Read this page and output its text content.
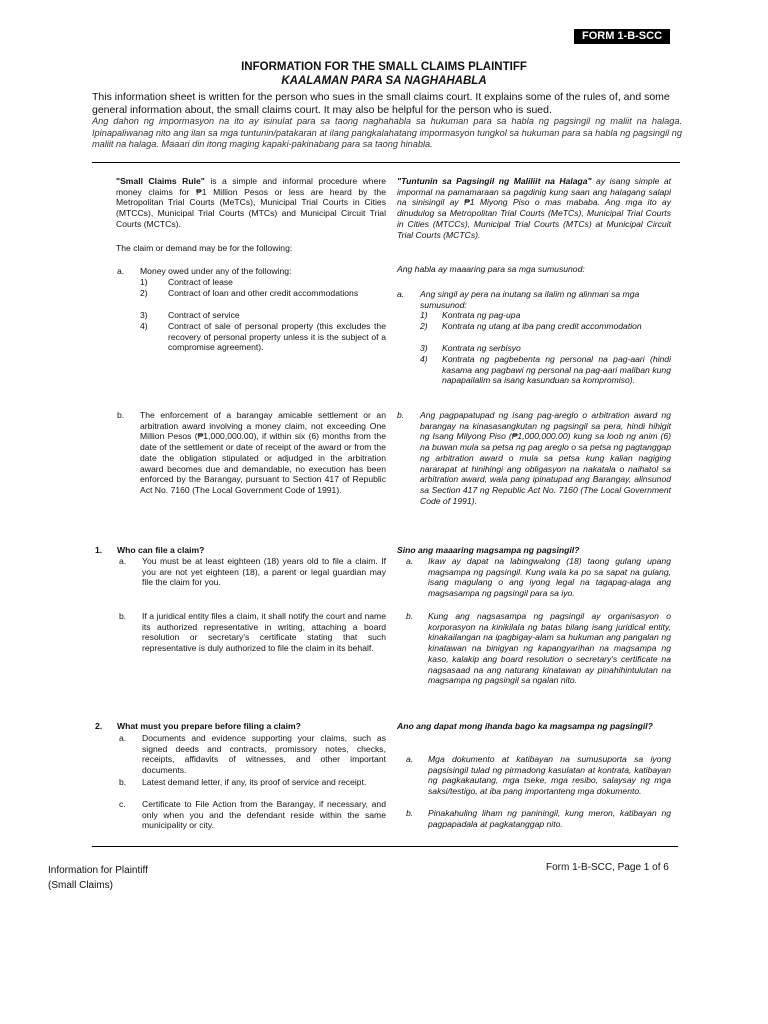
FORM 1-B-SCC
INFORMATION FOR THE SMALL CLAIMS PLAINTIFF
KAALAMAN PARA SA NAGHAHABLA
This information sheet is written for the person who sues in the small claims court. It explains some of the rules of, and some general information about, the small claims court. It may also be helpful for the person who is sued.
Ang dahon ng impormasyon na ito ay isinulat para sa taong naghahabla sa hukuman para sa habla ng pagsingil ng maliit na halaga. Ipinapaliwanag nito ang ilan sa mga tuntunin/patakaran at ilang pangkalahatang impormasyon tungkol sa hukuman para sa habla ng pagsingil ng maliit na halaga. Maaari din itong maging kapaki-pakinabang para sa taong hinabla.
"Small Claims Rule" is a simple and informal procedure where money claims for ₱1 Million Pesos or less are heard by the Metropolitan Trial Courts (MeTCs), Municipal Trial Courts in Cities (MTCCs), Municipal Trial Courts (MTCs) and Municipal Circuit Trial Courts (MCTCs).
"Tuntunin sa Pagsingil ng Maliliit na Halaga" ay isang simple at impormal na pamamaraan sa pagdinig kung saan ang halagang salapi na sinisingil ay ₱1 Miyong Piso o mas mababa. Ang mga ito ay dinudulog sa Metropolitan Trial Courts (MeTCs), Municipal Trial Courts in Cities (MTCCs), Municipal Trial Courts (MTCs) at Municipal Circuit Trial Courts (MCTCs).
The claim or demand may be for the following:
Ang habla ay maaaring para sa mga sumusunod:
a. Money owed under any of the following:
1) Contract of lease
2) Contract of loan and other credit accommodations
3) Contract of service
4) Contract of sale of personal property (this excludes the recovery of personal property unless it is the subject of a compromise agreement).
a. Ang singil ay pera na inutang sa ilalim ng alinman sa mga sumusunod:
1) Kontrata ng pag-upa
2) Kontrata ng utang at iba pang credit accommodation
3) Kontrata ng serbisyo
4) Kontrata ng pagbebenta ng personal na pag-aari (hindi kasama ang pagbawi ng personal na pag-aari maliban kung napapailalim sa isang kasunduan sa kompromiso).
b. The enforcement of a barangay amicable settlement or an arbitration award involving a money claim, not exceeding One Million Pesos (₱1,000,000.00), if within six (6) months from the date of the settlement or date of receipt of the award or from the date the obligation stipulated or adjudged in the arbitration award becomes due and demandable, no execution has been enforced by the Barangay, pursuant to Section 417 of Republic Act No. 7160 (The Local Government Code of 1991).
b. Ang pagpapatupad ng isang pag-areglo o arbitration award ng barangay na kinasasangkutan ng pagsingil sa pera, hindi hihigit ng Isang Milyong Piso (₱1,000,000.00) kung sa loob ng anim (6) na buwan mula sa petsa ng pag areglo o sa petsa ng pagtanggap ng arbitration award o mula sa petsa kung kalian nagiging nararapat at hinihingi ang obligasyon na nakatala o naihatol sa arbitration award, wala pang ipinatupad ang Barangay, alinsunod sa Section 417 ng Republic Act No. 7160 (The Local Government Code of 1991).
1. Who can file a claim?	Sino ang maaaring magsampa ng pagsingil?
a. You must be at least eighteen (18) years old to file a claim. If you are not yet eighteen (18), a parent or legal guardian may file the claim for you.
a. Ikaw ay dapat na labingwalong (18) taong gulang upang magsampa ng pagsingil. Kung wala ka po sa sapat na gulang, isang magulang o ang iyong legal na tagapag-alaga ang magsasampa ng pagsingil para sa iyo.
b. If a juridical entity files a claim, it shall notify the court and name its authorized representative in writing, attaching a board resolution or secretary's certificate stating that such representative is duly authorized to file the claim in its behalf.
b. Kung ang nagsasampa ng pagsingil ay organisasyon o korporasyon na kinikilala ng batas bilang isang juridical entity, kinakailangan na ipagbigay-alam sa hukuman ang pangalan ng kinatawan na binigyan ng kapangyarihan na magsampa ng kaso, kalakip ang board resolution o secretary's certificate na nagsasaad na ang naturang kinatawan ay pinahihintulutan na magsampa ng pagsingil sa ngalan nito.
2. What must you prepare before filing a claim?	Ano ang dapat mong ihanda bago ka magsampa ng pagsingil?
a. Documents and evidence supporting your claims, such as signed deeds and contracts, promissory notes, checks, receipts, affidavits of witnesses, and other important documents.
b. Latest demand letter, if any, its proof of service and receipt.
c. Certificate to File Action from the Barangay, if necessary, and only when you and the defendant reside within the same municipality or city.
a. Mga dokumento at katibayan na sumusuporta sa iyong pagsisingil tulad ng pirmadong kasulatan at kontrata, katibayan ng pagkakautang, mga tseke, mga resibo, salaysay ng mga saksi/testigo, at iba pang importanteng mga dokumento.
b. Pinakahuling liham ng paniningil, kung meron, katibayan ng pagpapadala at pagkatanggap nito.
Information for Plaintiff
(Small Claims)
Form 1-B-SCC, Page 1 of 6
